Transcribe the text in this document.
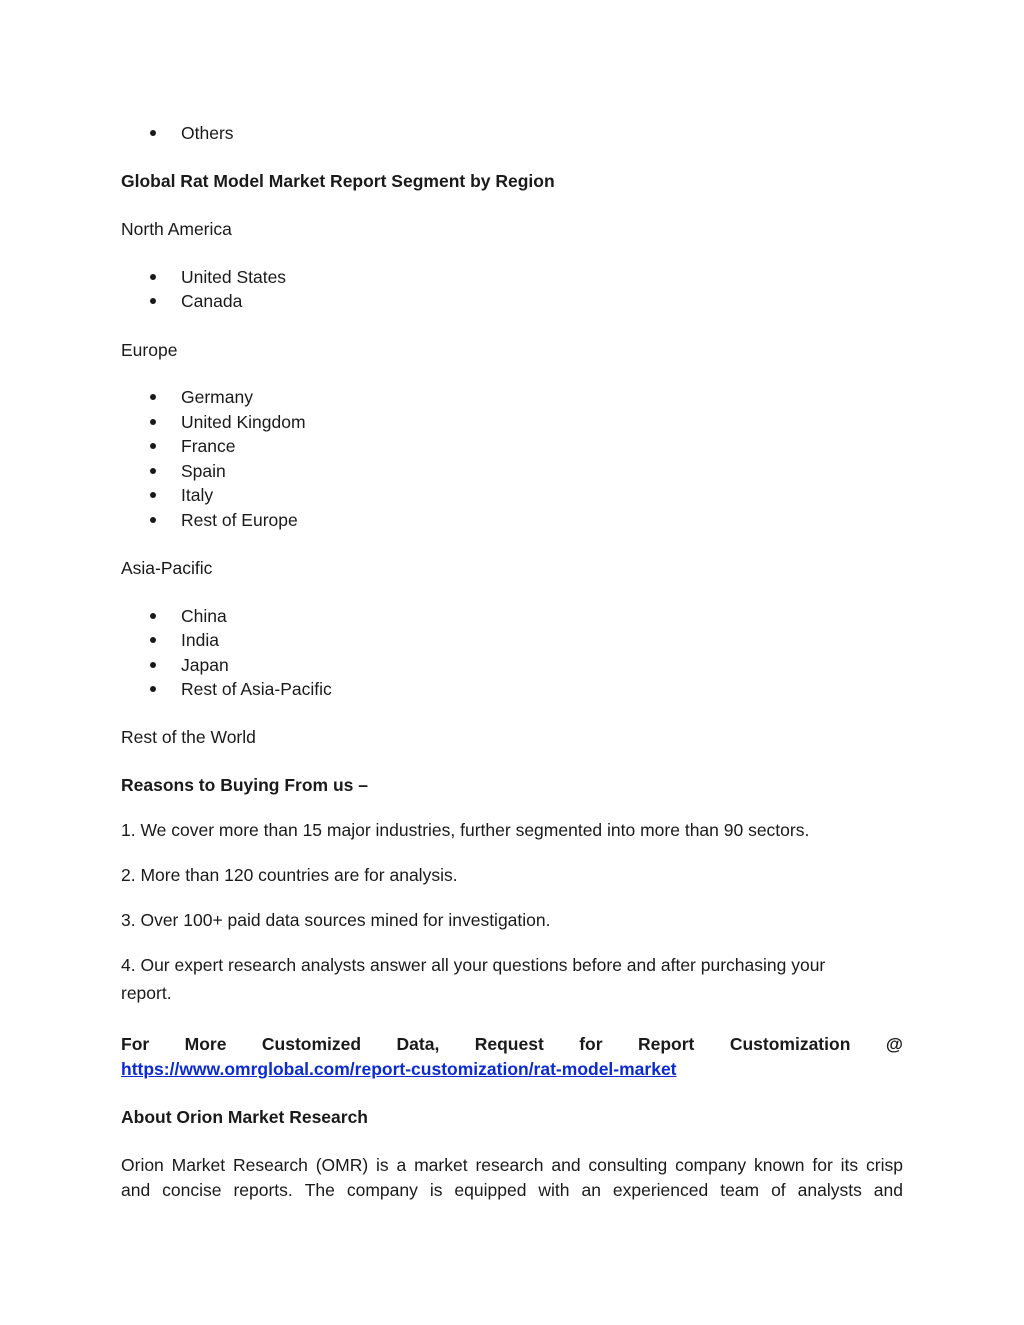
Others
Global Rat Model Market Report Segment by Region
North America
United States
Canada
Europe
Germany
United Kingdom
France
Spain
Italy
Rest of Europe
Asia-Pacific
China
India
Japan
Rest of Asia-Pacific
Rest of the World
Reasons to Buying From us –
1. We cover more than 15 major industries, further segmented into more than 90 sectors.
2. More than 120 countries are for analysis.
3. Over 100+ paid data sources mined for investigation.
4. Our expert research analysts answer all your questions before and after purchasing your
report.
For More Customized Data, Request for Report Customization @
https://www.omrglobal.com/report-customization/rat-model-market
About Orion Market Research
Orion Market Research (OMR) is a market research and consulting company known for its crisp
and concise reports. The company is equipped with an experienced team of analysts and
